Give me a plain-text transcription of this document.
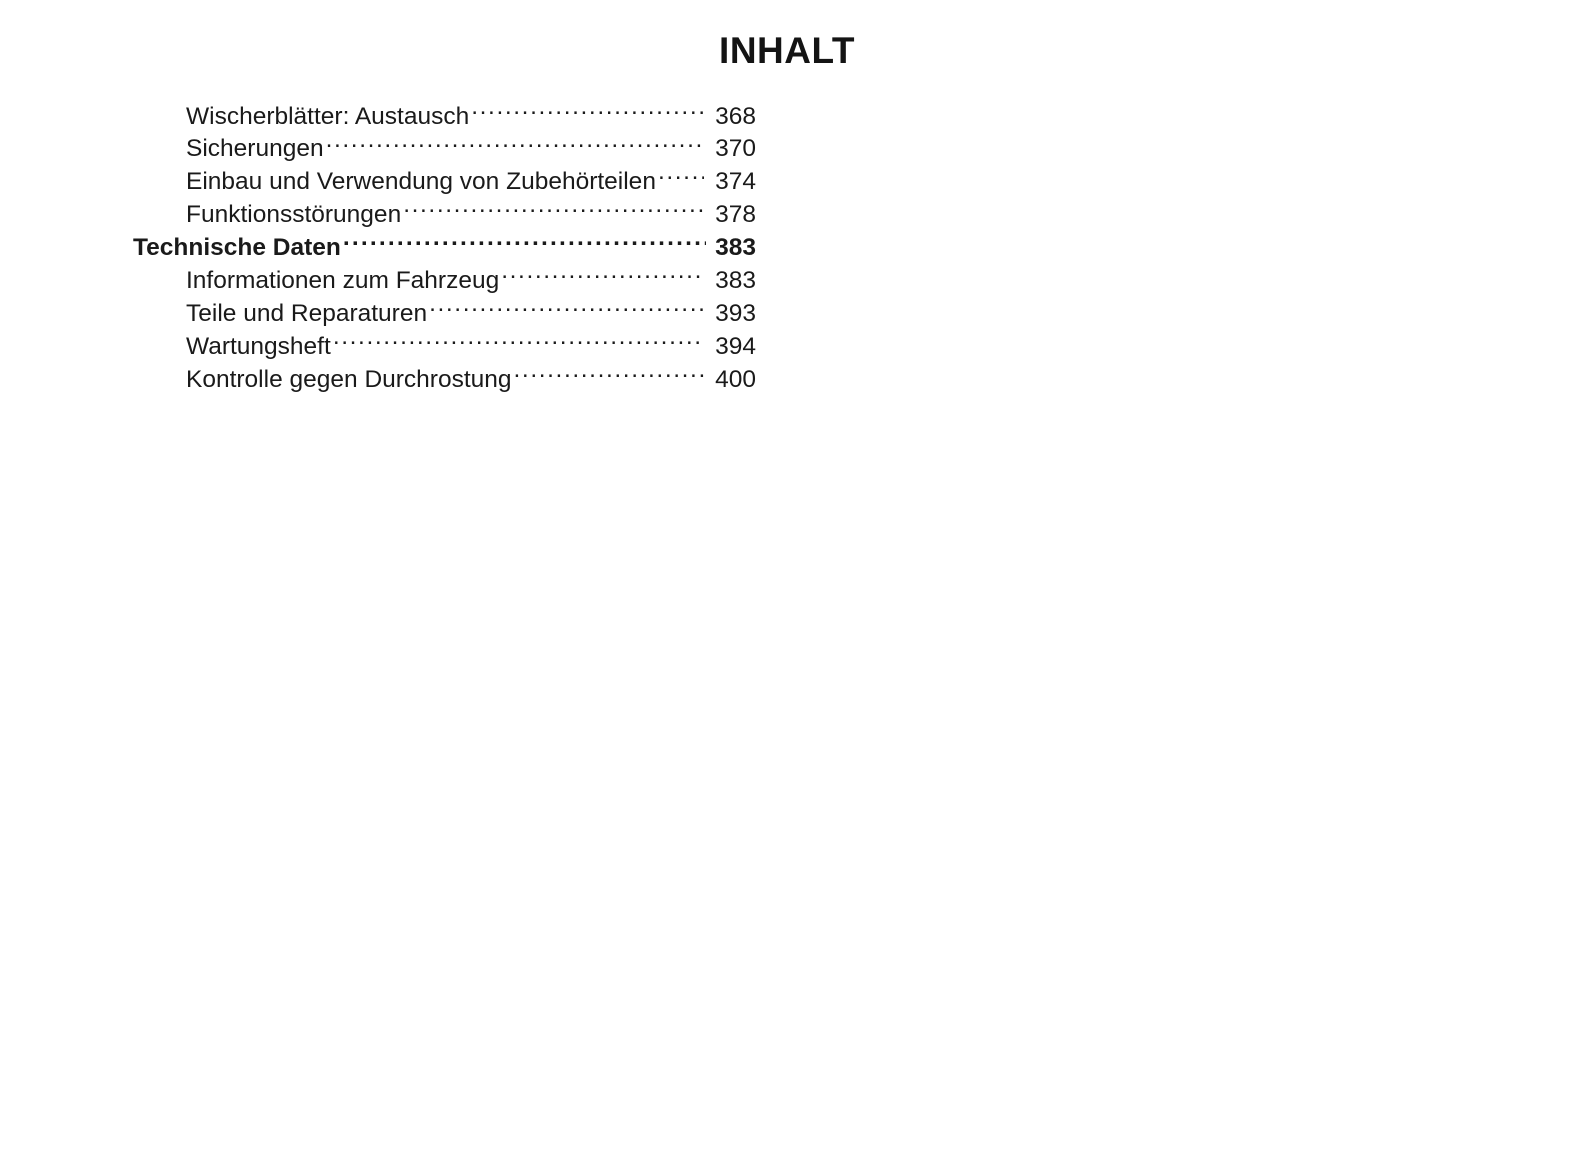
INHALT
Wischerblätter: Austausch .....	368
Sicherungen .....	370
Einbau und Verwendung von Zubehörteilen .....	374
Funktionsstörungen .....	378
Technische Daten .....	383
Informationen zum Fahrzeug .....	383
Teile und Reparaturen .....	393
Wartungsheft .....	394
Kontrolle gegen Durchrostung .....	400
